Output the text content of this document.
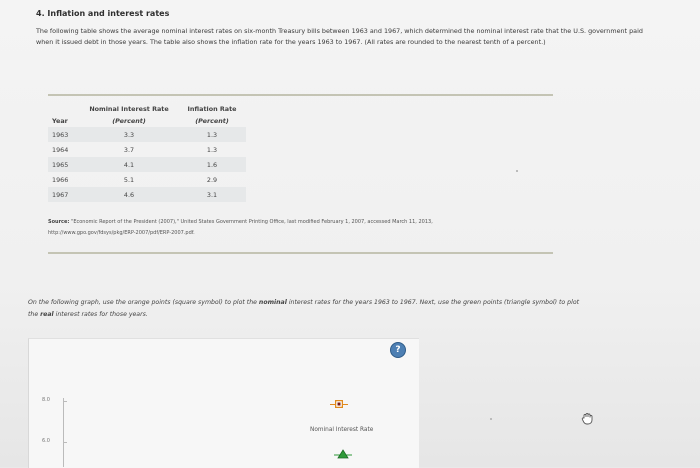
4. Inflation and interest rates
The following table shows the average nominal interest rates on six-month Treasury bills between 1963 and 1967, which determined the nominal interest rate that the U.S. government paid when it issued debt in those years. The table also shows the inflation rate for the years 1963 to 1967. (All rates are rounded to the nearest tenth of a percent.)
	Nominal Interest Rate	Inflation Rate
Year	(Percent)	(Percent)
1963	3.3	1.3
1964	3.7	1.3
1965	4.1	1.6
1966	5.1	2.9
1967	4.6	3.1
Source: "Economic Report of the President (2007)," United States Government Printing Office, last modified February 1, 2007, accessed March 11, 2013,
http://www.gpo.gov/fdsys/pkg/ERP-2007/pdf/ERP-2007.pdf.
On the following graph, use the orange points (square symbol) to plot the nominal interest rates for the years 1963 to 1967. Next, use the green points (triangle symbol) to plot the real interest rates for those years.
?
8.0
6.0
Nominal Interest Rate
